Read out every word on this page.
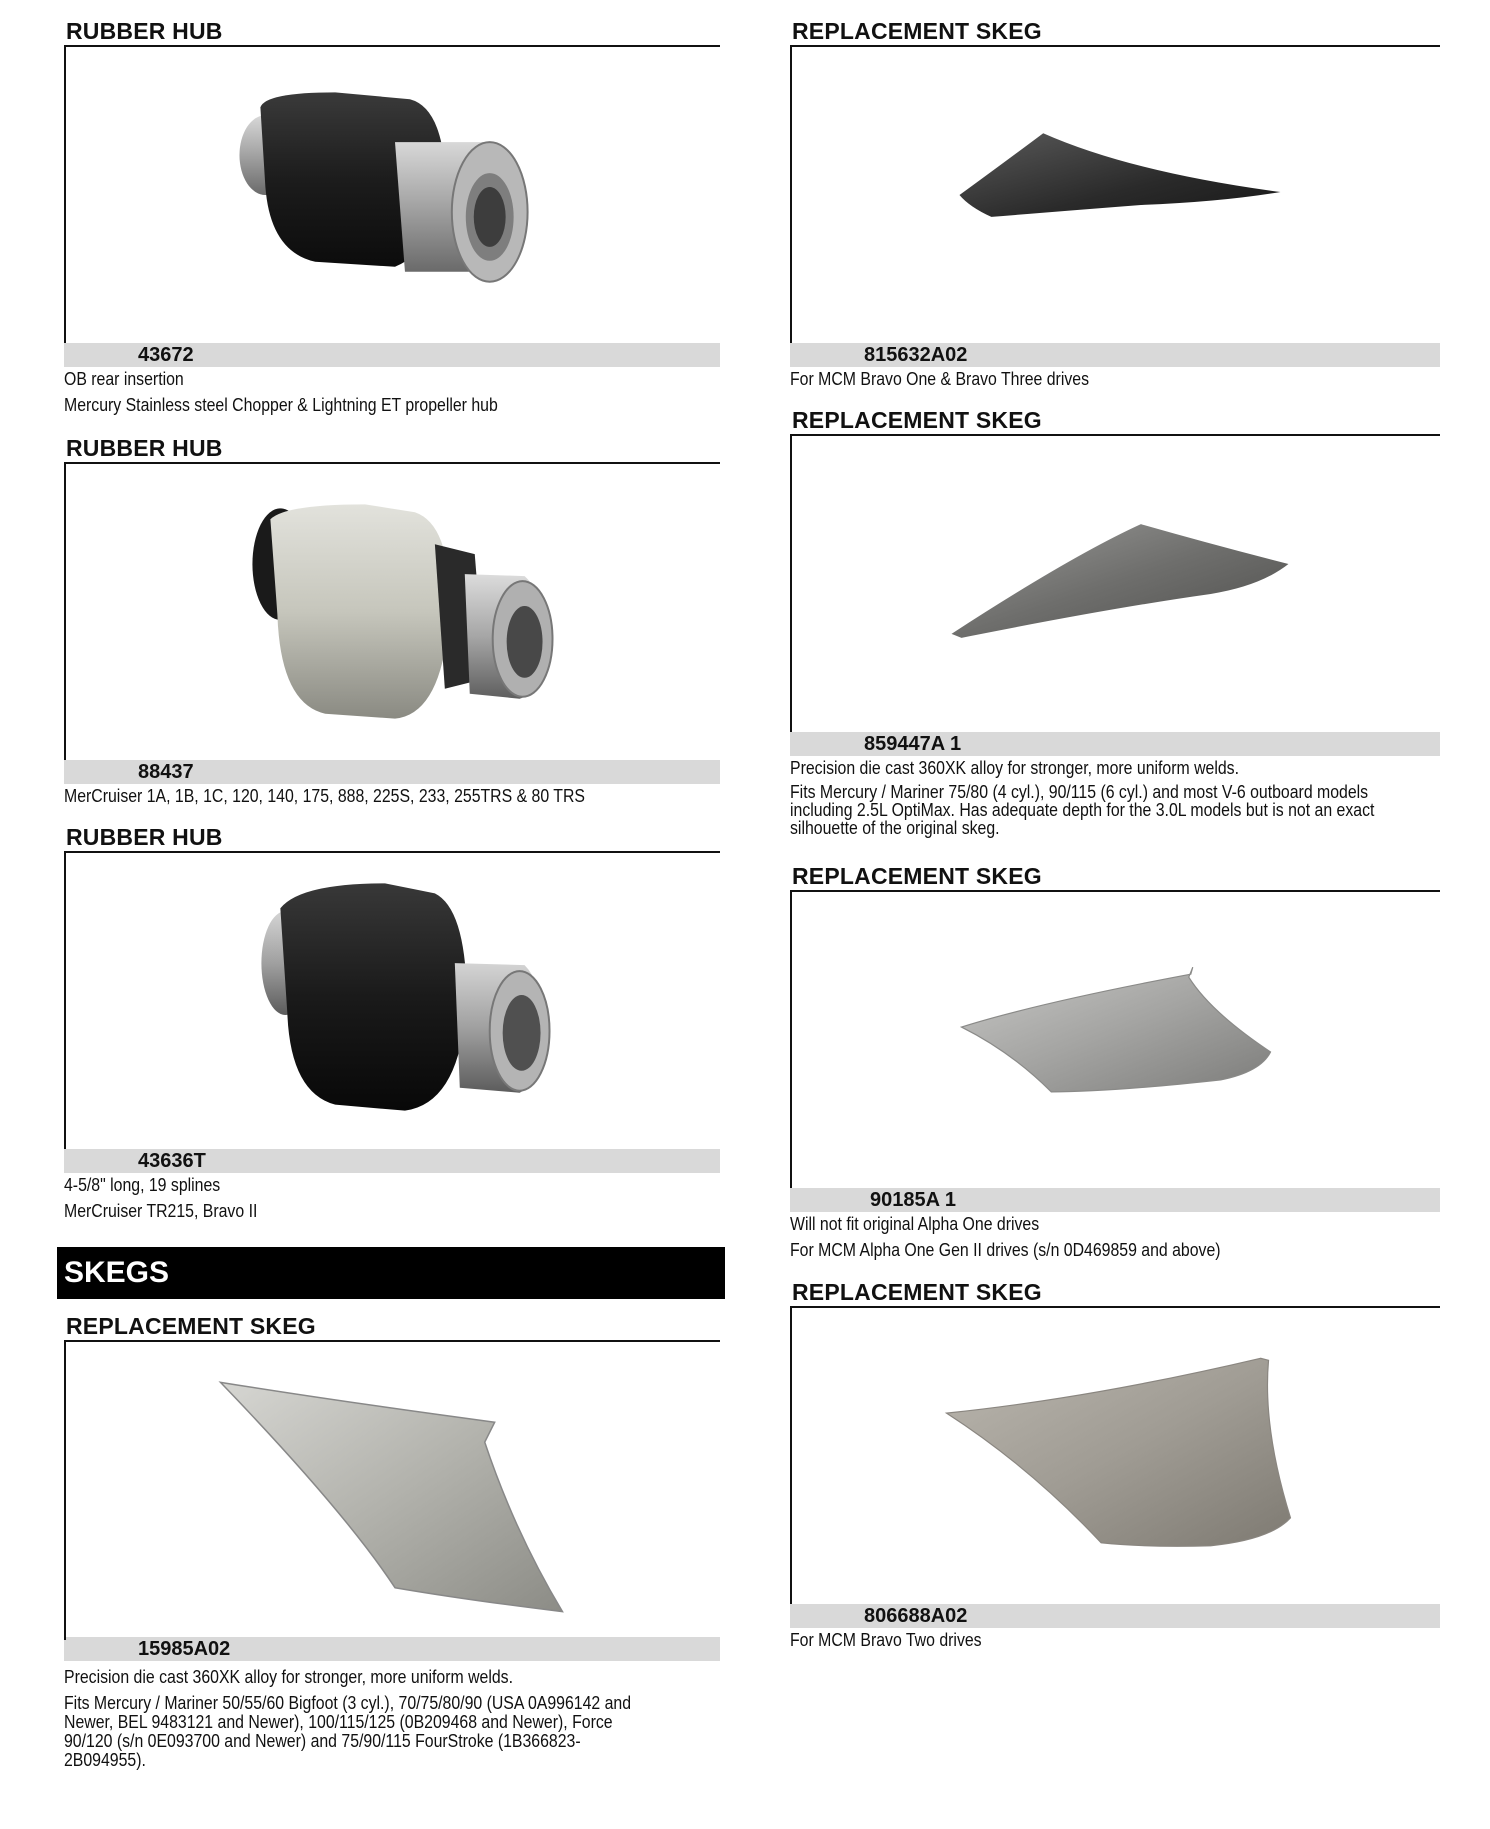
RUBBER HUB
43672

OB rear insertion

Mercury Stainless steel Chopper & Lightning ET propeller hub

RUBBER HUB
88437

MerCruiser 1A, 1B, 1C, 120, 140, 175, 888, 225S, 233, 255TRS & 80 TRS

RUBBER HUB
43636T

4-5/8" long, 19 splines

MerCruiser TR215, Bravo II

REPLACEMENT SKEG
15985A02

Precision die cast 360XK alloy for stronger, more uniform welds.

Fits Mercury / Mariner 50/55/60 Bigfoot (3 cyl.), 70/75/80/90 (USA 0A996142 and Newer, BEL 9483121 and Newer), 100/115/125 (0B209468 and Newer), Force 90/120 (s/n 0E093700 and Newer) and 75/90/115 FourStroke (1B366823-2B094955).

SKEGS
REPLACEMENT SKEG
815632A02

For MCM Bravo One & Bravo Three drives

REPLACEMENT SKEG
859447A 1

Precision die cast 360XK alloy for stronger, more uniform welds.

Fits Mercury / Mariner 75/80 (4 cyl.), 90/115 (6 cyl.) and most V-6 outboard models including 2.5L OptiMax. Has adequate depth for the 3.0L models but is not an exact silhouette of the original skeg.

REPLACEMENT SKEG
90185A 1

Will not fit original Alpha One drives

For MCM Alpha One Gen II drives (s/n 0D469859 and above)

REPLACEMENT SKEG
806688A02

For MCM Bravo Two drives
